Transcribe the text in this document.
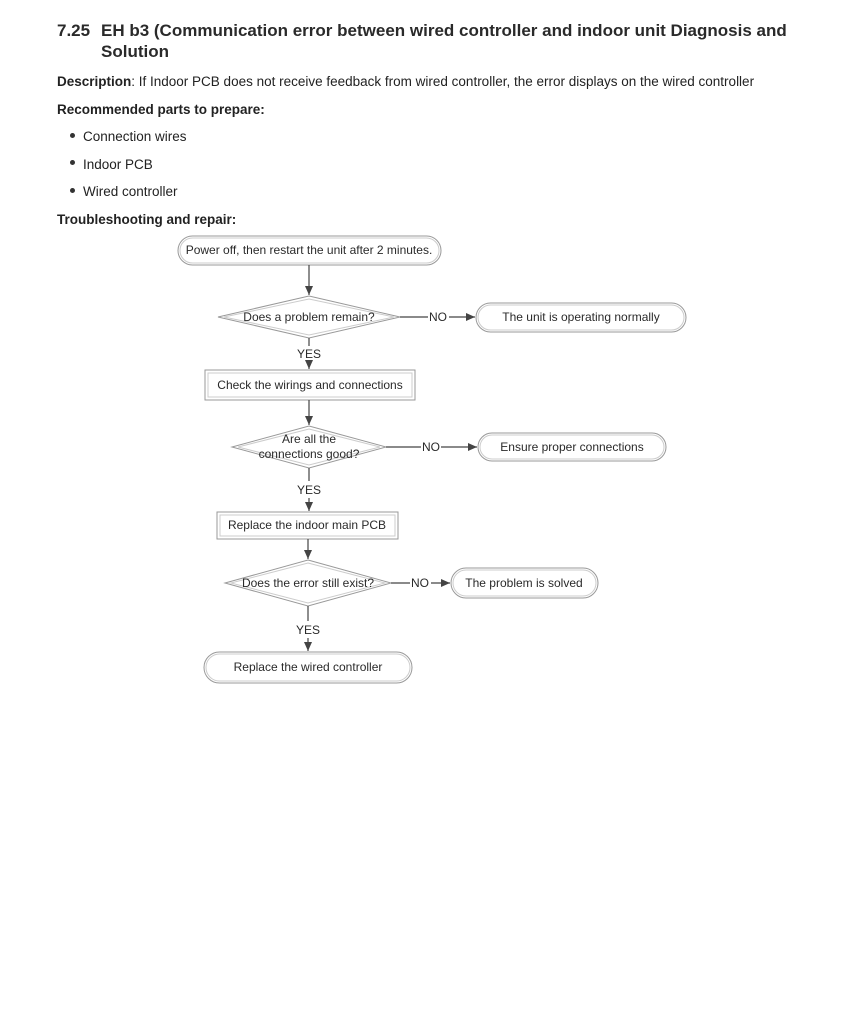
7.25 EH b3 (Communication error between wired controller and indoor unit Diagnosis and Solution
Description: If Indoor PCB does not receive feedback from wired controller, the error displays on the wired controller
Recommended parts to prepare:
Connection wires
Indoor PCB
Wired controller
Troubleshooting and repair:
Power off, then restart the unit after 2 minutes.
Does a problem remain?	NO	The unit is operating normally
YES
Check the wirings and connections
Are all the
connections good?	NO	Ensure proper connections
YES
Replace the indoor main PCB
Does the error still exist?	NO	The problem is solved
YES
Replace the wired controller
